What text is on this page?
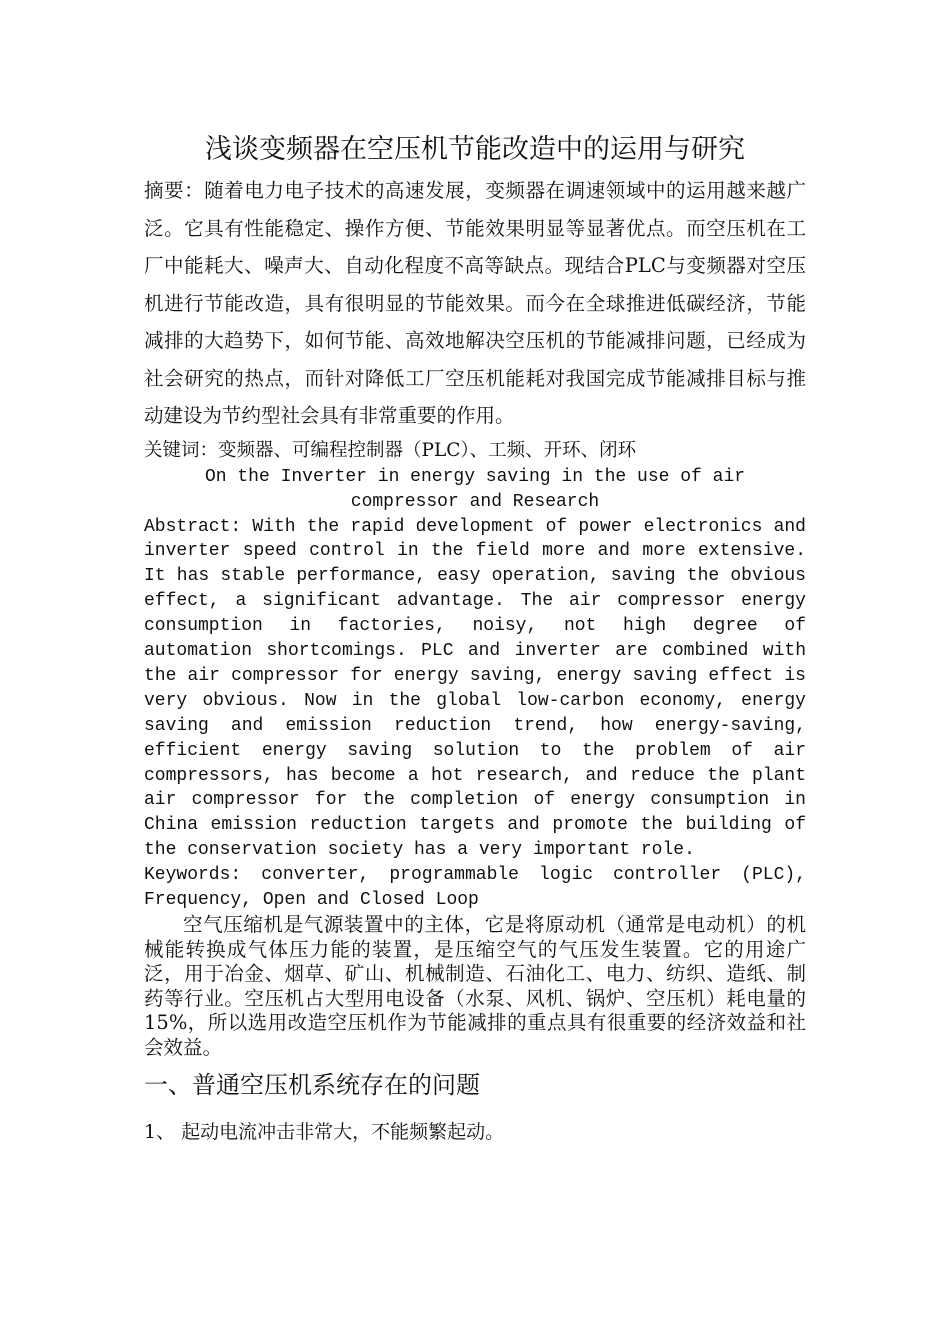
浅谈变频器在空压机节能改造中的运用与研究

摘要：随着电力电子技术的高速发展，变频器在调速领域中的运用越来越广泛。它具有性能稳定、操作方便、节能效果明显等显著优点。而空压机在工厂中能耗大、噪声大、自动化程度不高等缺点。现结合PLC与变频器对空压机进行节能改造，具有很明显的节能效果。而今在全球推进低碳经济，节能减排的大趋势下，如何节能、高效地解决空压机的节能减排问题，已经成为社会研究的热点，而针对降低工厂空压机能耗对我国完成节能减排目标与推动建设为节约型社会具有非常重要的作用。

关键词：变频器、可编程控制器（PLC）、工频、开环、闭环

On the Inverter in energy saving in the use of air compressor and Research

Abstract: With the rapid development of power electronics and inverter speed control in the field more and more extensive. It has stable performance, easy operation, saving the obvious effect, a significant advantage. The air compressor energy consumption in factories, noisy, not high degree of automation shortcomings. PLC and inverter are combined with the air compressor for energy saving, energy saving effect is very obvious. Now in the global low-carbon economy, energy saving and emission reduction trend, how energy-saving, efficient energy saving solution to the problem of air compressors, has become a hot research, and reduce the plant air compressor for the completion of energy consumption in China emission reduction targets and promote the building of the conservation society has a very important role.

Keywords: converter, programmable logic controller (PLC), Frequency, Open and Closed Loop

空气压缩机是气源装置中的主体，它是将原动机（通常是电动机）的机械能转换成气体压力能的装置，是压缩空气的气压发生装置。它的用途广泛，用于冶金、烟草、矿山、机械制造、石油化工、电力、纺织、造纸、制药等行业。空压机占大型用电设备（水泵、风机、锅炉、空压机）耗电量的15%，所以选用改造空压机作为节能减排的重点具有很重要的经济效益和社会效益。

一、普通空压机系统存在的问题

1、 起动电流冲击非常大，不能频繁起动。
